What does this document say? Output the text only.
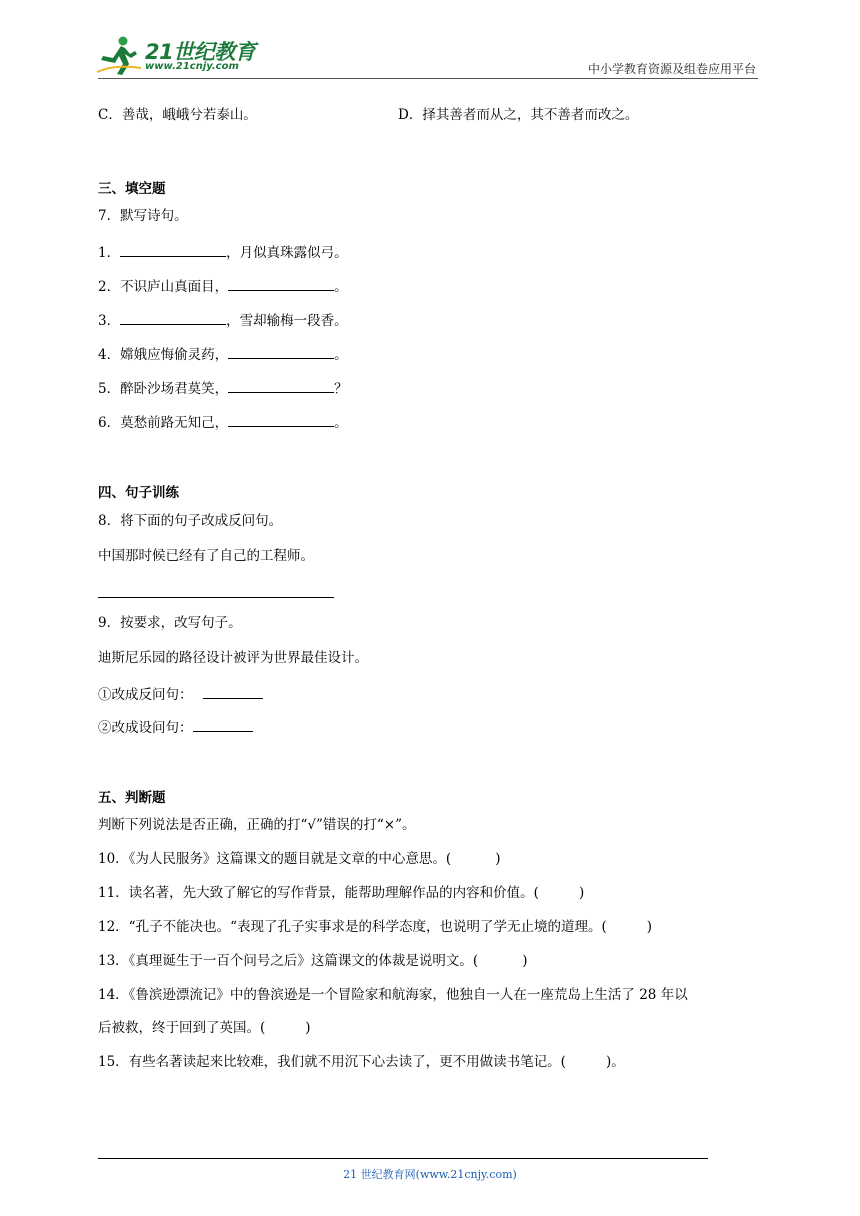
21世纪教育
www.21cnjy.com	中小学教育资源及组卷应用平台
C．善哉，峨峨兮若泰山。	D．择其善者而从之，其不善者而改之。
三、填空题
7．默写诗句。
1．	，月似真珠露似弓。
2．不识庐山真面目，	。
3．	，雪却输梅一段香。
4．嫦娥应悔偷灵药，	。
5．醉卧沙场君莫笑，	？
6．莫愁前路无知己，	。
四、句子训练
8．将下面的句子改成反问句。
中国那时候已经有了自己的工程师。
9．按要求，改写句子。
迪斯尼乐园的路径设计被评为世界最佳设计。
①改成反问句：
②改成设问句：
五、判断题
判断下列说法是否正确，正确的打“√”错误的打“×”。
10．《为人民服务》这篇课文的题目就是文章的中心意思。(	)
11．读名著，先大致了解它的写作背景，能帮助理解作品的内容和价值。(	)
12．“孔子不能决也。“表现了孔子实事求是的科学态度，也说明了学无止境的道理。(	)
13．《真理诞生于一百个问号之后》这篇课文的体裁是说明文。(	)
14．《鲁滨逊漂流记》中的鲁滨逊是一个冒险家和航海家，他独自一人在一座荒岛上生活了 28 年以
后被救，终于回到了英国。(	)
15．有些名著读起来比较难，我们就不用沉下心去读了，更不用做读书笔记。(	)。
21 世纪教育网(www.21cnjy.com)
